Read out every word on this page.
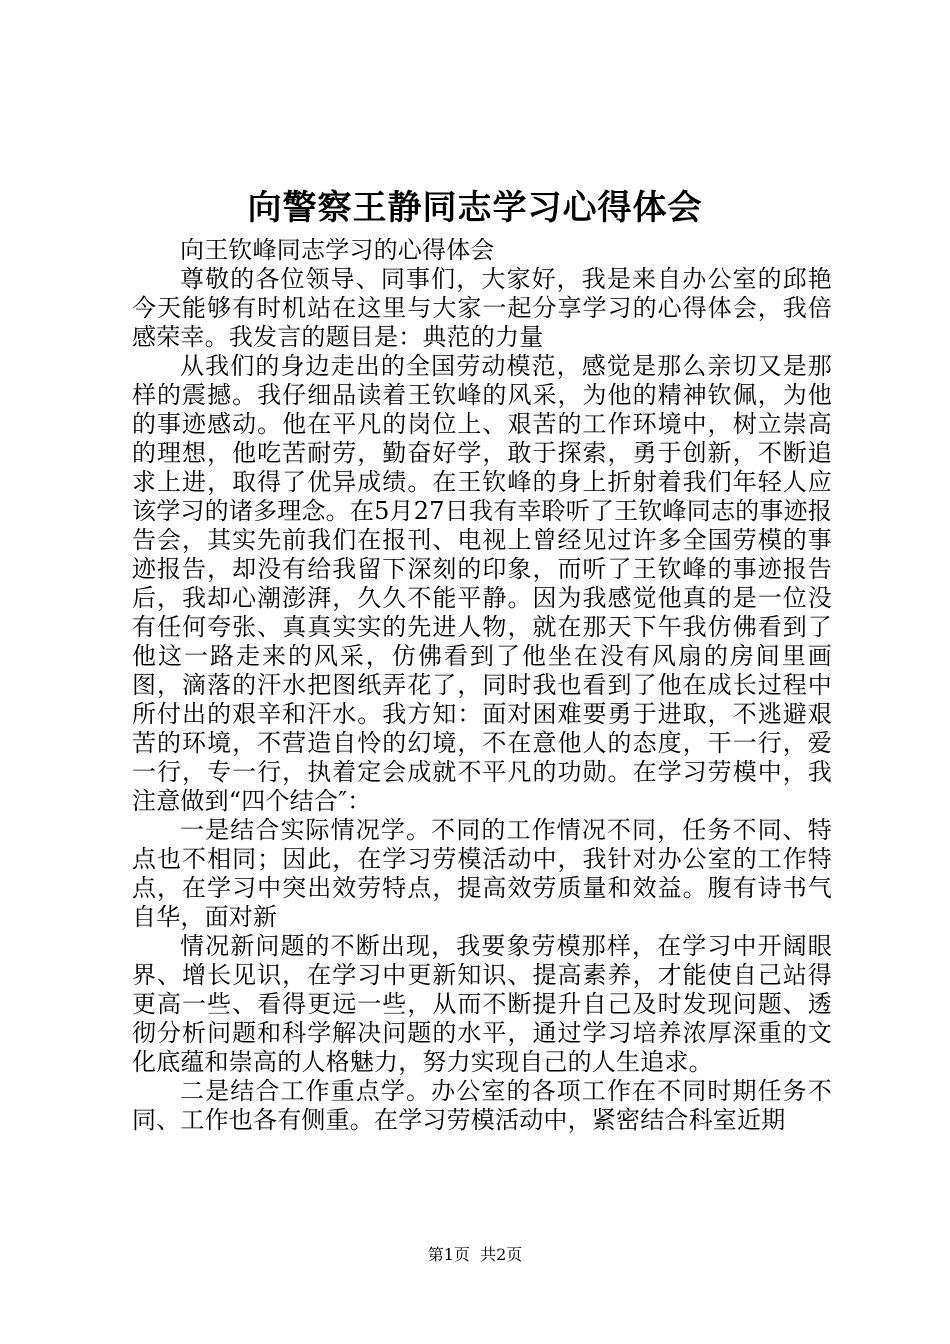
向警察王静同志学习心得体会

向王钦峰同志学习的心得体会

尊敬的各位领导、同事们，大家好，我是来自办公室的邱艳今天能够有时机站在这里与大家一起分享学习的心得体会，我倍感荣幸。我发言的题目是：典范的力量

从我们的身边走出的全国劳动模范，感觉是那么亲切又是那样的震撼。我仔细品读着王钦峰的风采，为他的精神钦佩，为他的事迹感动。他在平凡的岗位上、艰苦的工作环境中，树立崇高的理想，他吃苦耐劳，勤奋好学，敢于探索，勇于创新，不断追求上进，取得了优异成绩。在王钦峰的身上折射着我们年轻人应该学习的诸多理念。在5月27日我有幸聆听了王钦峰同志的事迹报告会，其实先前我们在报刊、电视上曾经见过许多全国劳模的事迹报告，却没有给我留下深刻的印象，而听了王钦峰的事迹报告后，我却心潮澎湃，久久不能平静。因为我感觉他真的是一位没有任何夸张、真真实实的先进人物，就在那天下午我仿佛看到了他这一路走来的风采，仿佛看到了他坐在没有风扇的房间里画图，滴落的汗水把图纸弄花了，同时我也看到了他在成长过程中所付出的艰辛和汗水。我方知：面对困难要勇于进取，不逃避艰苦的环境，不营造自怜的幻境，不在意他人的态度，干一行，爱一行，专一行，执着定会成就不平凡的功勋。在学习劳模中，我注意做到“四个结合″：

一是结合实际情况学。不同的工作情况不同，任务不同、特点也不相同；因此，在学习劳模活动中，我针对办公室的工作特点，在学习中突出效劳特点，提高效劳质量和效益。腹有诗书气自华，面对新

情况新问题的不断出现，我要象劳模那样，在学习中开阔眼界、增长见识，在学习中更新知识、提高素养，才能使自己站得更高一些、看得更远一些，从而不断提升自己及时发现问题、透彻分析问题和科学解决问题的水平，通过学习培养浓厚深重的文化底蕴和崇高的人格魅力，努力实现自己的人生追求。

二是结合工作重点学。办公室的各项工作在不同时期任务不同、工作也各有侧重。在学习劳模活动中，紧密结合科室近期

第1页 共2页
